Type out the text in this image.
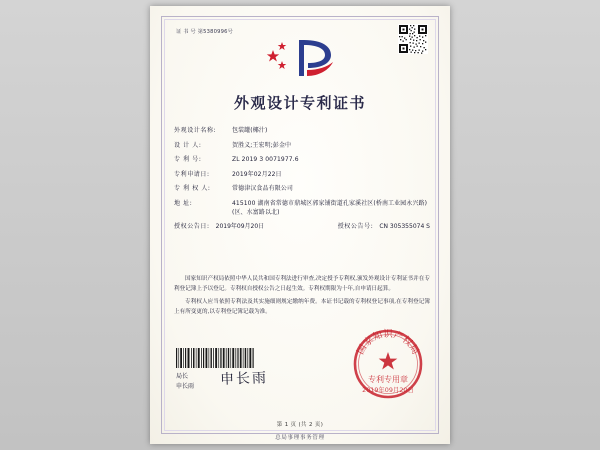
证 书 号 第5380996号
外观设计专利证书
外观设计名称:	包装罐(椰汁)
设 计 人:	贺胜义;王宏明;彭金中
专 利 号:	ZL 2019 3 0071977.6
专利申请日:	2019年02月22日
专 利 权 人:	常德津汉食品有限公司
地 址:	415100 湖南省常德市鼎城区郭家铺街道孔家溪社区(桥南工业园永兴路)(区、水富路以北)
授权公告日: 2019年09月20日	授权公告号: CN 305355074 S

国家知识产权局依照中华人民共和国专利法进行审查,决定授予专利权,颁发外观设计专利证书并在专利登记簿上予以登记。专利权自授权公告之日起生效。专利权期限为十年,自申请日起算。

专利权人应当依照专利法及其实施细则规定缴纳年费。本证书记载的专利权登记事项,在专利登记簿上有所变更的,以专利登记簿记载为准。

局长
申长雨 申长雨
国家知识产权局
专利专用章
2019年09月20日
第 1 页 (共 2 页)
总局事理事务管理
